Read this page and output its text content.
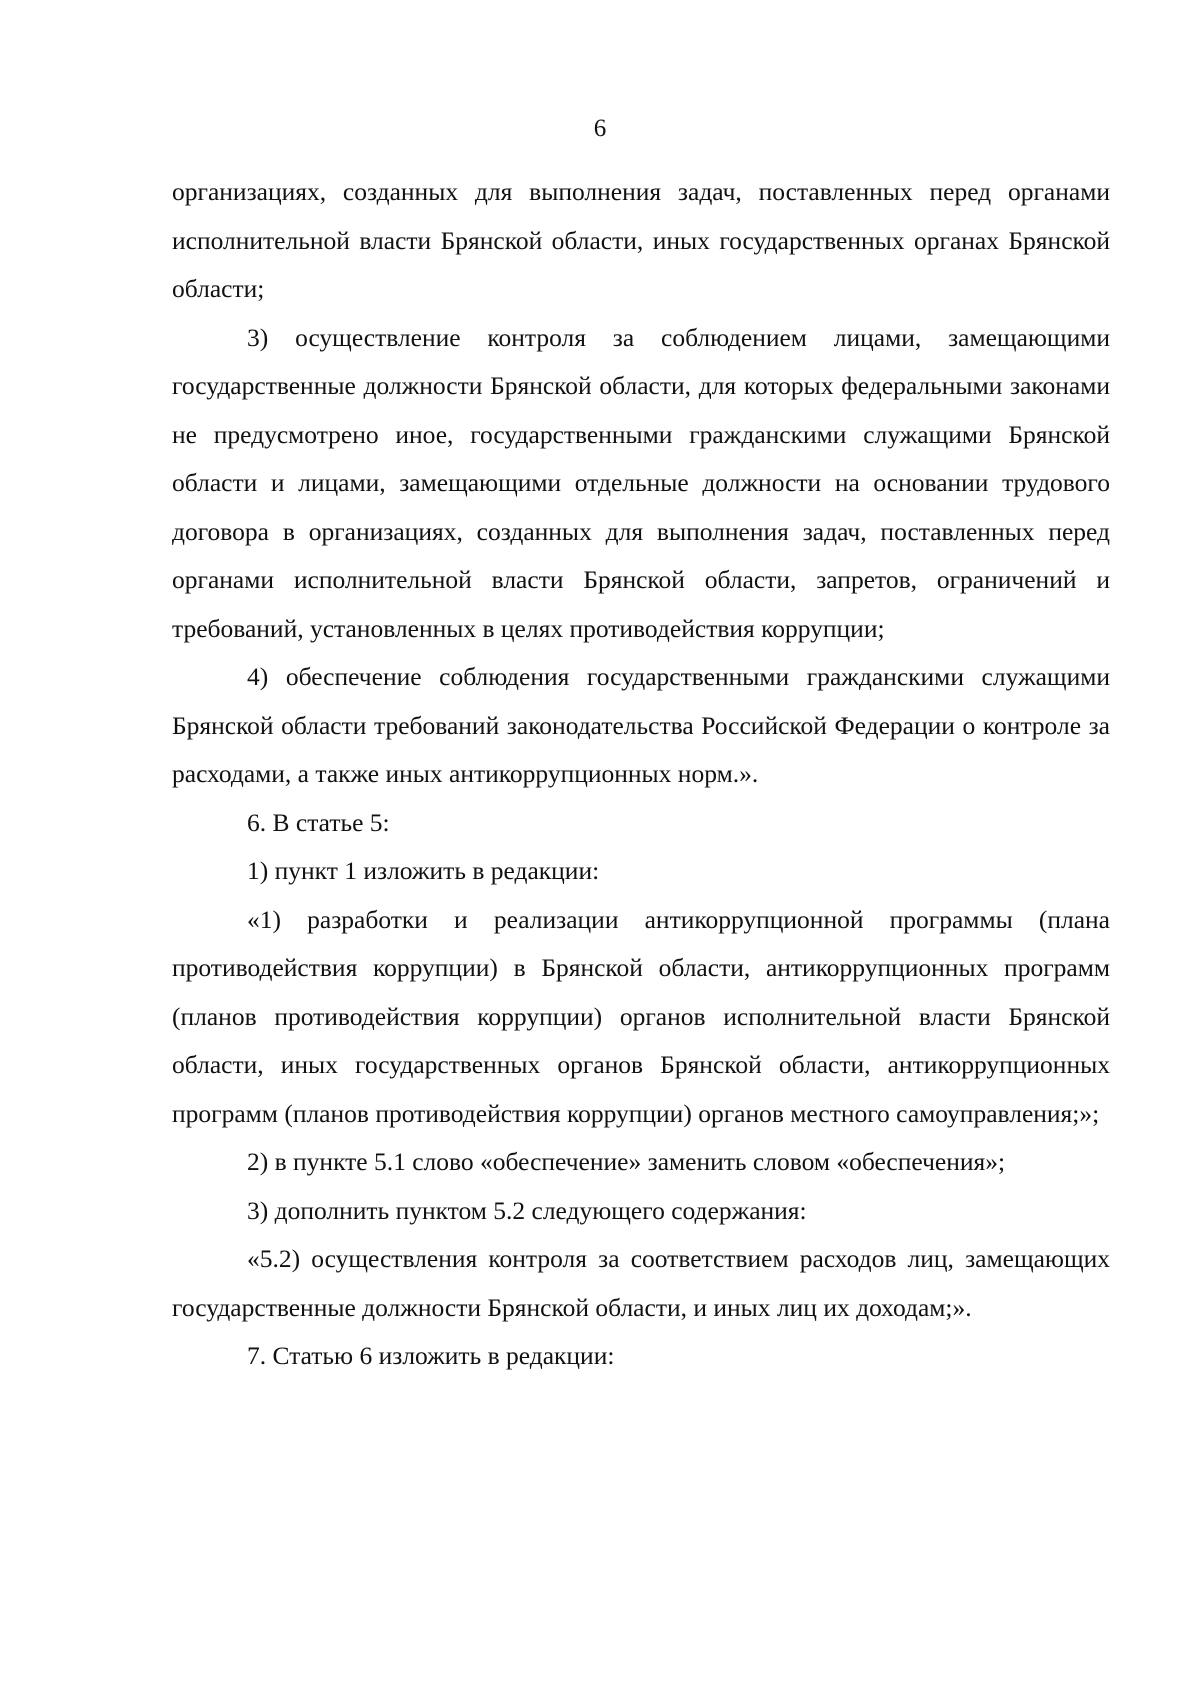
6

организациях, созданных для выполнения задач, поставленных перед органами исполнительной власти Брянской области, иных государственных органах Брянской области;

3) осуществление контроля за соблюдением лицами, замещающими государственные должности Брянской области, для которых федеральными законами не предусмотрено иное, государственными гражданскими служащими Брянской области и лицами, замещающими отдельные должности на основании трудового договора в организациях, созданных для выполнения задач, поставленных перед органами исполнительной власти Брянской области, запретов, ограничений и требований, установленных в целях противодействия коррупции;

4) обеспечение соблюдения государственными гражданскими служащими Брянской области требований законодательства Российской Федерации о контроле за расходами, а также иных антикоррупционных норм.».

6. В статье 5:

1) пункт 1 изложить в редакции:

«1) разработки и реализации антикоррупционной программы (плана противодействия коррупции) в Брянской области, антикоррупционных программ (планов противодействия коррупции) органов исполнительной власти Брянской области, иных государственных органов Брянской области, антикоррупционных программ (планов противодействия коррупции) органов местного самоуправления;»;

2) в пункте 5.1 слово «обеспечение» заменить словом «обеспечения»;

3) дополнить пунктом 5.2 следующего содержания:

«5.2) осуществления контроля за соответствием расходов лиц, замещающих государственные должности Брянской области, и иных лиц их доходам;».

7. Статью 6 изложить в редакции:
